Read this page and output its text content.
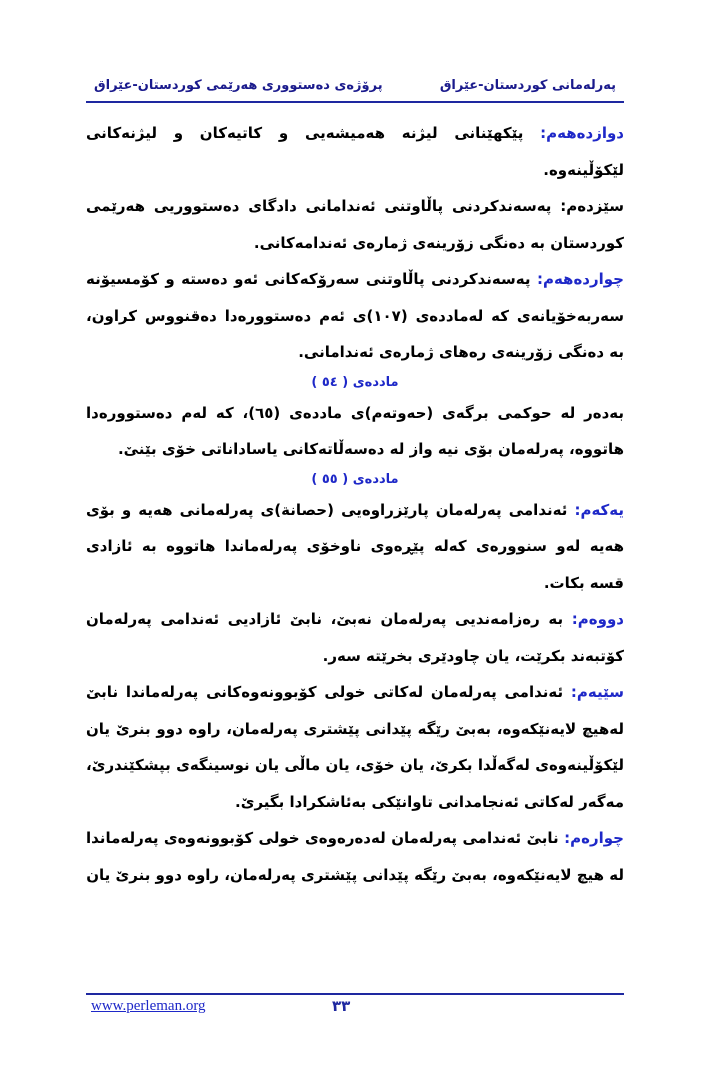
پەرلەمانی کوردستان-عێراق
پرۆژەی دەستووری هەرێمی کوردستان-عێراق

دوازدەهەم: پێکهێنانی لیژنە هەمیشەیی و کاتیەکان و لیژنەکانی لێکۆڵینەوە.

سێزدەم: پەسەندکردنی پاڵاوتنی ئەندامانی دادگای دەستووریی هەرێمی کوردستان بە دەنگی زۆرینەی ژمارەی ئەندامەکانی.

چواردەهەم: پەسەندکردنی پاڵاوتنی سەرۆکەکانی ئەو دەستە و کۆمسیۆنە سەربەخۆیانەی کە لەماددەی (١٠٧)ی ئەم دەستوورەدا دەقنووس کراون، بە دەنگی زۆرینەی رەهای ژمارەی ئەندامانی.

ماددەی ( ٥٤ )

بەدەر لە حوکمی برگەی (حەوتەم)ی ماددەی (٦٥)، کە لەم دەستوورەدا هاتووە، پەرلەمان بۆی نیە واز لە دەسەڵاتەکانی یاساداناتی خۆی بێنێ.

ماددەی ( ٥٥ )

یەکەم: ئەندامی پەرلەمان پارێزراوەیی (حصانة)ی پەرلەمانی هەیە و بۆی هەیە لەو سنوورەی کەلە پێڕەوی ناوخۆی پەرلەماندا هاتووە بە ئازادی قسە بکات.

دووەم: بە رەزامەندیی پەرلەمان نەبێ، نابێ ئازادیی ئەندامی پەرلەمان کۆتبەند بکرێت، یان چاودێری بخرێتە سەر.

سێیەم: ئەندامی پەرلەمان لەکاتی خولی کۆبوونەوەکانی پەرلەماندا نابێ لەهیچ لایەنێکەوە، بەبێ رێگە پێدانی پێشتری پەرلەمان، راوە دوو بنرێ یان لێکۆڵینەوەی لەگەڵدا بکرێ، یان خۆی، یان ماڵی یان نوسینگەی بپشکێندرێ، مەگەر لەکاتی ئەنجامدانی تاوانێکی بەئاشکرادا بگیرێ.

چوارەم: نابێ ئەندامی پەرلەمان لەدەرەوەی خولی کۆبوونەوەی پەرلەماندا لە هیچ لایەنێکەوە، بەبێ رێگە پێدانی پێشتری پەرلەمان، راوە دوو بنرێ یان

www.perleman.org	٣٣
